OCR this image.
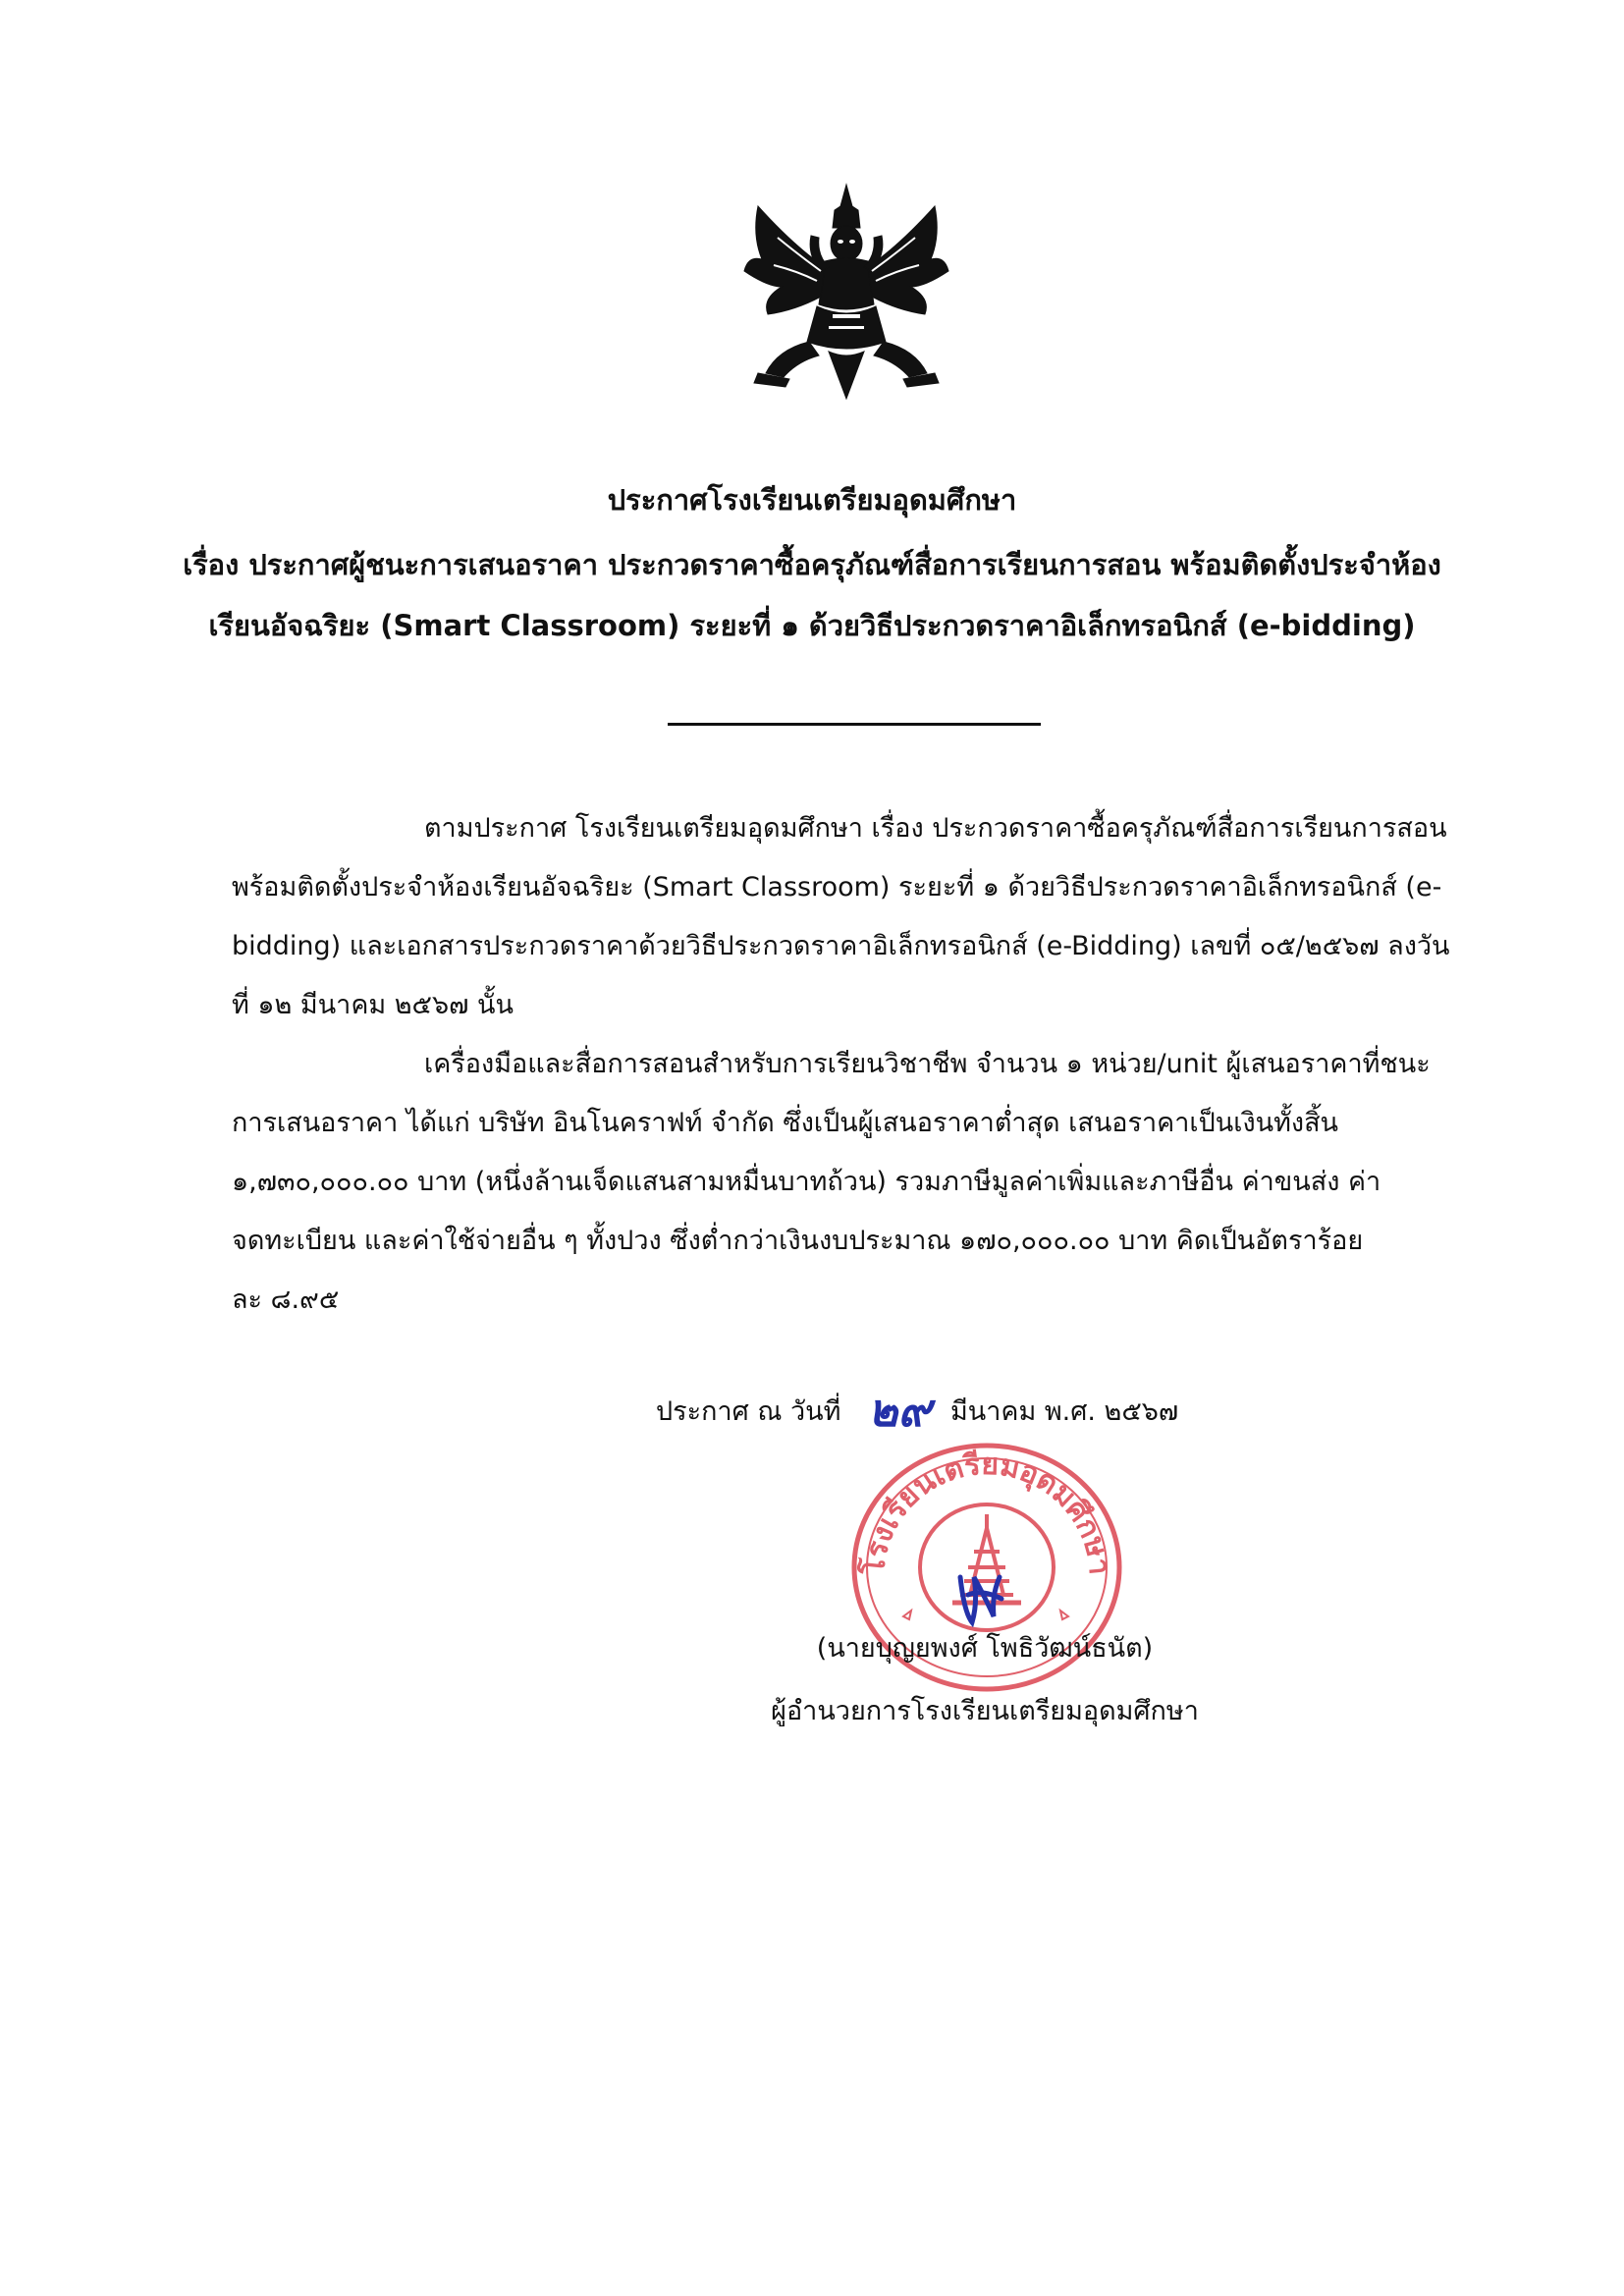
ประกาศโรงเรียนเตรียมอุดมศึกษา
เรื่อง ประกาศผู้ชนะการเสนอราคา ประกวดราคาซื้อครุภัณฑ์สื่อการเรียนการสอน พร้อมติดตั้งประจำห้อง
เรียนอัจฉริยะ (Smart Classroom) ระยะที่ ๑ ด้วยวิธีประกวดราคาอิเล็กทรอนิกส์ (e-bidding)
ตามประกาศ โรงเรียนเตรียมอุดมศึกษา เรื่อง ประกวดราคาซื้อครุภัณฑ์สื่อการเรียนการสอน
พร้อมติดตั้งประจำห้องเรียนอัจฉริยะ (Smart Classroom) ระยะที่ ๑ ด้วยวิธีประกวดราคาอิเล็กทรอนิกส์ (e-
bidding) และเอกสารประกวดราคาด้วยวิธีประกวดราคาอิเล็กทรอนิกส์ (e-Bidding) เลขที่ ๐๕/๒๕๖๗ ลงวัน
ที่ ๑๒ มีนาคม ๒๕๖๗ นั้น
เครื่องมือและสื่อการสอนสำหรับการเรียนวิชาชีพ จำนวน ๑ หน่วย/unit ผู้เสนอราคาที่ชนะ
การเสนอราคา ได้แก่ บริษัท อินโนคราฟท์ จำกัด ซึ่งเป็นผู้เสนอราคาต่ำสุด เสนอราคาเป็นเงินทั้งสิ้น
๑,๗๓๐,๐๐๐.๐๐ บาท (หนึ่งล้านเจ็ดแสนสามหมื่นบาทถ้วน) รวมภาษีมูลค่าเพิ่มและภาษีอื่น ค่าขนส่ง ค่า
จดทะเบียน และค่าใช้จ่ายอื่น ๆ ทั้งปวง ซึ่งต่ำกว่าเงินงบประมาณ ๑๗๐,๐๐๐.๐๐ บาท คิดเป็นอัตราร้อย
ละ ๘.๙๕
ประกาศ ณ วันที่ ๒๙ มีนาคม พ.ศ. ๒๕๖๗
โรงเรียนเตรียมอุดมศึกษา
(นายบุญยพงศ์ โพธิวัฒน์ธนัต)
ผู้อำนวยการโรงเรียนเตรียมอุดมศึกษา
